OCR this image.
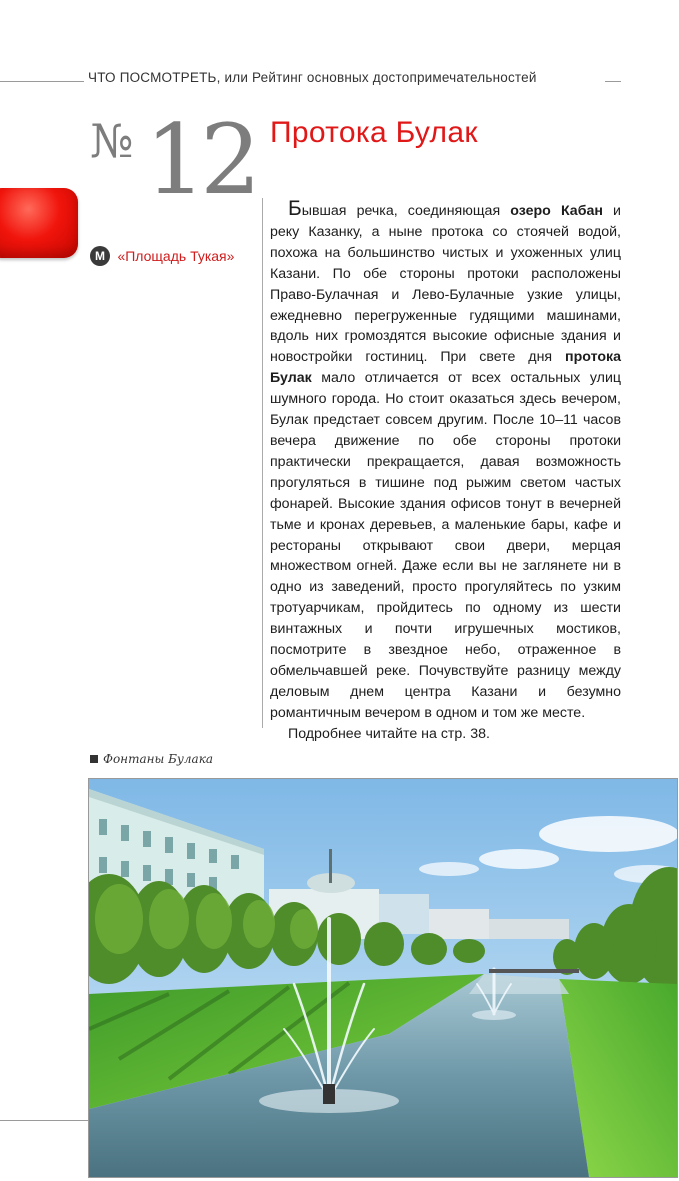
ЧТО ПОСМОТРЕТЬ, или Рейтинг основных достопримечательностей
№ 12
М «Площадь Тукая»
Протока Булак

Бывшая речка, соединяющая озеро Кабан и реку Казанку, а ныне протока со стоячей водой, похожа на большинство чистых и ухоженных улиц Казани. По обе стороны протоки расположены Право-Булачная и Лево-Булачные узкие улицы, ежедневно перегруженные гудящими машинами, вдоль них громоздятся высокие офисные здания и новостройки гостиниц. При свете дня протока Булак мало отличается от всех остальных улиц шумного города. Но стоит оказаться здесь вечером, Булак предстает совсем другим. После 10–11 часов вечера движение по обе стороны протоки практически прекращается, давая возможность прогуляться в тишине под рыжим светом частых фонарей. Высокие здания офисов тонут в вечерней тьме и кронах деревьев, а маленькие бары, кафе и рестораны открывают свои двери, мерцая множеством огней. Даже если вы не заглянете ни в одно из заведений, просто прогуляйтесь по узким тротуарчикам, пройдитесь по одному из шести винтажных и почти игрушечных мостиков, посмотрите в звездное небо, отраженное в обмельчавшей реке. Почувствуйте разницу между деловым днем центра Казани и безумно романтичным вечером в одном и том же месте.

Подробнее читайте на стр. 38.

Фонтаны Булака
